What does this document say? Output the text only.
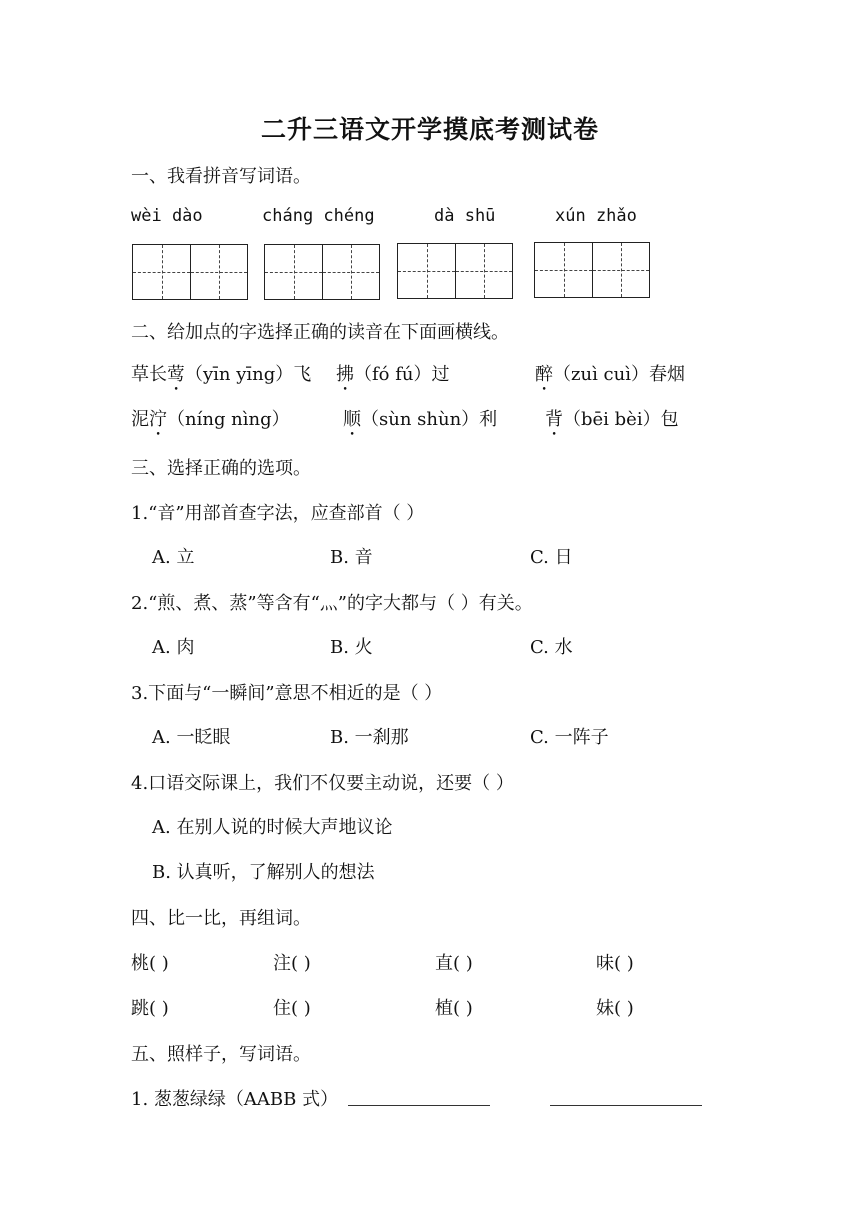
二升三语文开学摸底考测试卷
一、我看拼音写词语。
wèi dào	cháng chéng	dà shū	xún zhǎo
二、给加点的字选择正确的读音在下面画横线。
草长莺（yīn yīng）飞 拂（fó fú）过	醉（zuì cuì）春烟
泥泞（níng nìng）	顺（sùn shùn）利	背（bēi bèi）包
三、选择正确的选项。
1.“音”用部首查字法，应查部首（ ）
A. 立	B. 音	C. 日
2.“煎、煮、蒸”等含有“灬”的字大都与（ ）有关。
A. 肉	B. 火	C. 水
3.下面与“一瞬间”意思不相近的是（ ）
A. 一眨眼	B. 一刹那	C. 一阵子
4.口语交际课上，我们不仅要主动说，还要（ ）
A. 在别人说的时候大声地议论
B. 认真听，了解别人的想法
四、比一比，再组词。
桃( )	注( )	直( )	味( )
跳( )	住( )	植( )	妹( )
五、照样子，写词语。
1. 葱葱绿绿（AABB 式）
